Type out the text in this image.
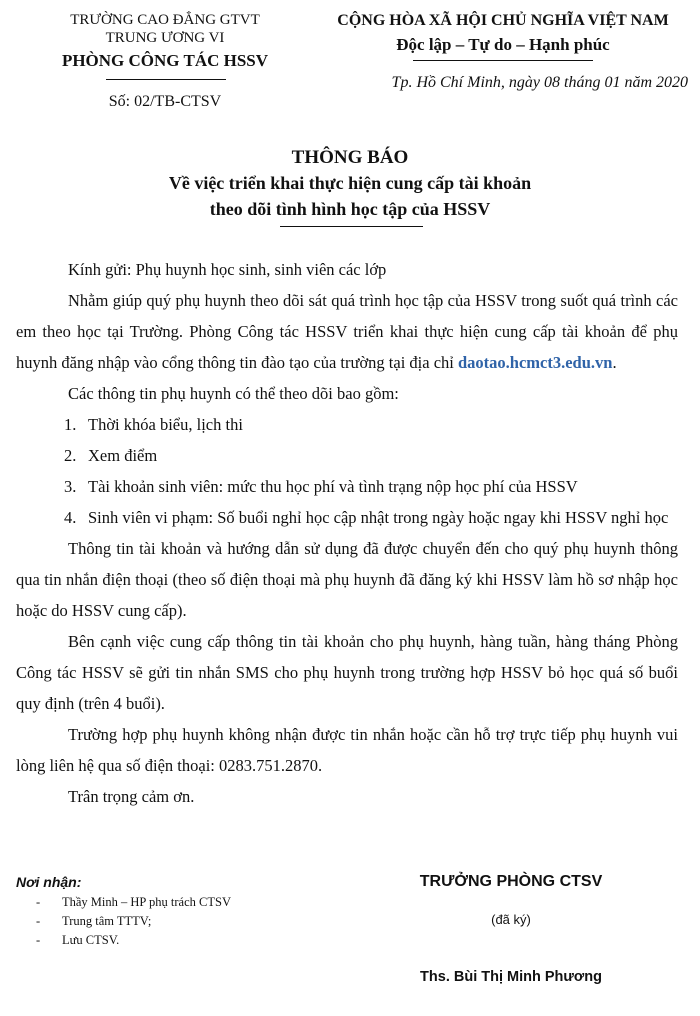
TRƯỜNG CAO ĐẲNG GTVT
TRUNG ƯƠNG VI
PHÒNG CÔNG TÁC HSSV
Số: 02/TB-CTSV
CỘNG HÒA XÃ HỘI CHỦ NGHĨA VIỆT NAM
Độc lập – Tự do – Hạnh phúc
Tp. Hồ Chí Minh, ngày 08 tháng 01 năm 2020
THÔNG BÁO
Về việc triển khai thực hiện cung cấp tài khoản
theo dõi tình hình học tập của HSSV

Kính gửi: Phụ huynh học sinh, sinh viên các lớp

Nhằm giúp quý phụ huynh theo dõi sát quá trình học tập của HSSV trong suốt quá trình các em theo học tại Trường. Phòng Công tác HSSV triển khai thực hiện cung cấp tài khoản để phụ huynh đăng nhập vào cổng thông tin đào tạo của trường tại địa chỉ daotao.hcmct3.edu.vn.

Các thông tin phụ huynh có thể theo dõi bao gồm:

1. Thời khóa biểu, lịch thi
2. Xem điểm
3. Tài khoản sinh viên: mức thu học phí và tình trạng nộp học phí của HSSV
4. Sinh viên vi phạm: Số buổi nghỉ học cập nhật trong ngày hoặc ngay khi HSSV nghỉ học

Thông tin tài khoản và hướng dẫn sử dụng đã được chuyển đến cho quý phụ huynh thông qua tin nhắn điện thoại (theo số điện thoại mà phụ huynh đã đăng ký khi HSSV làm hồ sơ nhập học hoặc do HSSV cung cấp).

Bên cạnh việc cung cấp thông tin tài khoản cho phụ huynh, hàng tuần, hàng tháng Phòng Công tác HSSV sẽ gửi tin nhắn SMS cho phụ huynh trong trường hợp HSSV bỏ học quá số buổi quy định (trên 4 buổi).

Trường hợp phụ huynh không nhận được tin nhắn hoặc cần hỗ trợ trực tiếp phụ huynh vui lòng liên hệ qua số điện thoại: 0283.751.2870.

Trân trọng cảm ơn.

Nơi nhận:
- Thầy Minh – HP phụ trách CTSV
- Trung tâm TTTV;
- Lưu CTSV.
TRƯỞNG PHÒNG CTSV
(đã ký)
Ths. Bùi Thị Minh Phương
